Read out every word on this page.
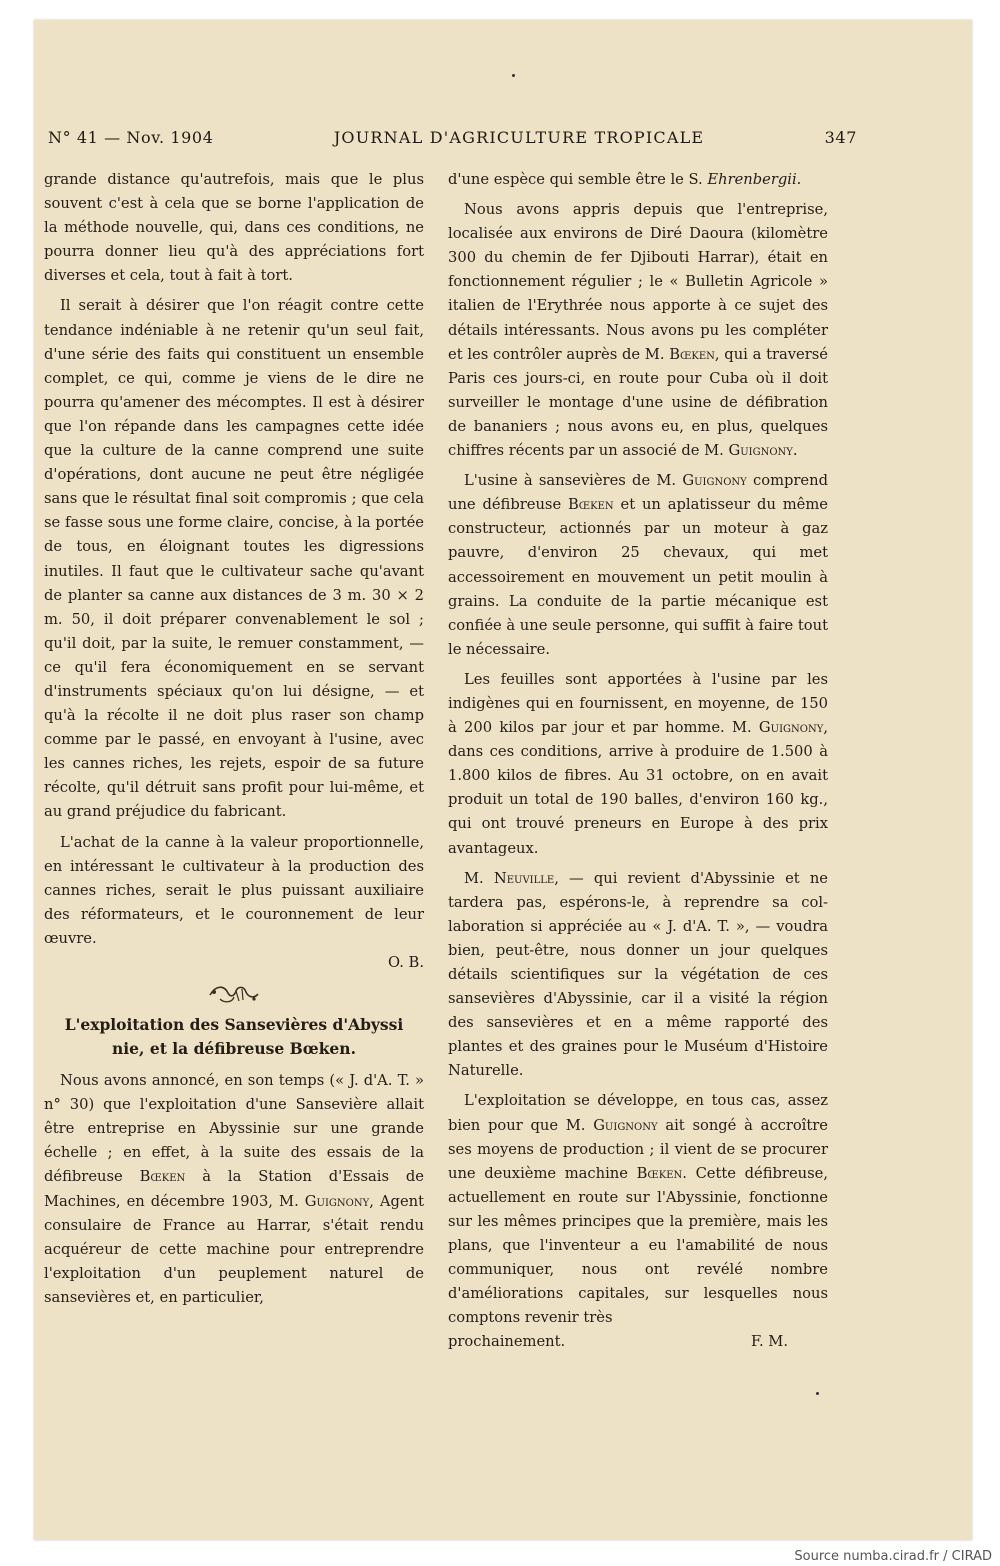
N° 41 — Nov. 1904	JOURNAL D'AGRICULTURE TROPICALE	347

grande distance qu'autrefois, mais que le plus souvent c'est à cela que se borne l'application de la méthode nouvelle, qui, dans ces conditions, ne pourra donner lieu qu'à des appréciations fort diverses et cela, tout à fait à tort.

Il serait à désirer que l'on réagit contre cette tendance indéniable à ne retenir qu'un seul fait, d'une série des faits qui constituent un ensemble complet, ce qui, comme je viens de le dire ne pourra qu'amener des mécomptes. Il est à désirer que l'on répande dans les campagnes cette idée que la culture de la canne comprend une suite d'opérations, dont aucune ne peut être négligée sans que le résultat final soit compromis ; que cela se fasse sous une forme claire, concise, à la portée de tous, en éloignant toutes les digressions inutiles. Il faut que le cultivateur sache qu'avant de planter sa canne aux distances de 3 m. 30 × 2 m. 50, il doit préparer convenablement le sol ; qu'il doit, par la suite, le remuer constamment, — ce qu'il fera économiquement en se servant d'instruments spéciaux qu'on lui désigne, — et qu'à la récolte il ne doit plus raser son champ comme par le passé, en envoyant à l'usine, avec les cannes riches, les rejets, espoir de sa future récolte, qu'il détruit sans profit pour lui-même, et au grand préjudice du fabricant.

L'achat de la canne à la valeur proportionnelle, en intéressant le cultivateur à la production des cannes riches, serait le plus puissant auxiliaire des réformateurs, et le couronnement de leur œuvre.

O. B.

L'exploitation des Sansevières d'Abyssi
nie, et la défibreuse Bœken.

Nous avons annoncé, en son temps (« J. d'A. T. » n° 30) que l'exploitation d'une Sansevière allait être entreprise en Abyssinie sur une grande échelle ; en effet, à la suite des essais de la défibreuse Bœken à la Station d'Essais de Machines, en décembre 1903, M. Guignony, Agent consulaire de France au Harrar, s'était rendu acquéreur de cette machine pour entreprendre l'exploitation d'un peuplement naturel de sansevières et, en particulier,

d'une espèce qui semble être le S. Ehrenbergii.

Nous avons appris depuis que l'entreprise, localisée aux environs de Diré Daoura (kilomètre 300 du chemin de fer Djibouti Harrar), était en fonctionnement régulier ; le « Bulletin Agricole » italien de l'Erythrée nous apporte à ce sujet des détails intéressants. Nous avons pu les compléter et les contrôler auprès de M. Bœken, qui a traversé Paris ces jours-ci, en route pour Cuba où il doit surveiller le montage d'une usine de défibration de bananiers ; nous avons eu, en plus, quelques chiffres récents par un associé de M. Guignony.

L'usine à sansevières de M. Guignony comprend une défibreuse Bœken et un aplatisseur du même constructeur, actionnés par un moteur à gaz pauvre, d'environ 25 chevaux, qui met accessoirement en mouvement un petit moulin à grains. La conduite de la partie mécanique est confiée à une seule personne, qui suffit à faire tout le nécessaire.

Les feuilles sont apportées à l'usine par les indigènes qui en fournissent, en moyenne, de 150 à 200 kilos par jour et par homme. M. Guignony, dans ces conditions, arrive à produire de 1.500 à 1.800 kilos de fibres. Au 31 octobre, on en avait produit un total de 190 balles, d'environ 160 kg., qui ont trouvé preneurs en Europe à des prix avantageux.

M. Neuville, — qui revient d'Abyssinie et ne tardera pas, espérons-le, à reprendre sa collaboration si appréciée au « J. d'A. T. », — voudra bien, peut-être, nous donner un jour quelques détails scientifiques sur la végétation de ces sansevières d'Abyssinie, car il a visité la région des sansevières et en a même rapporté des plantes et des graines pour le Muséum d'Histoire Naturelle.

L'exploitation se développe, en tous cas, assez bien pour que M. Guignony ait songé à accroître ses moyens de production ; il vient de se procurer une deuxième machine Bœken. Cette défibreuse, actuellement en route sur l'Abyssinie, fonctionne sur les mêmes principes que la première, mais les plans, que l'inventeur a eu l'amabilité de nous communiquer, nous ont revélé nombre d'améliorations capitales, sur lesquelles nous comptons revenir très

prochainement.	F. M.

Source numba.cirad.fr / CIRAD
